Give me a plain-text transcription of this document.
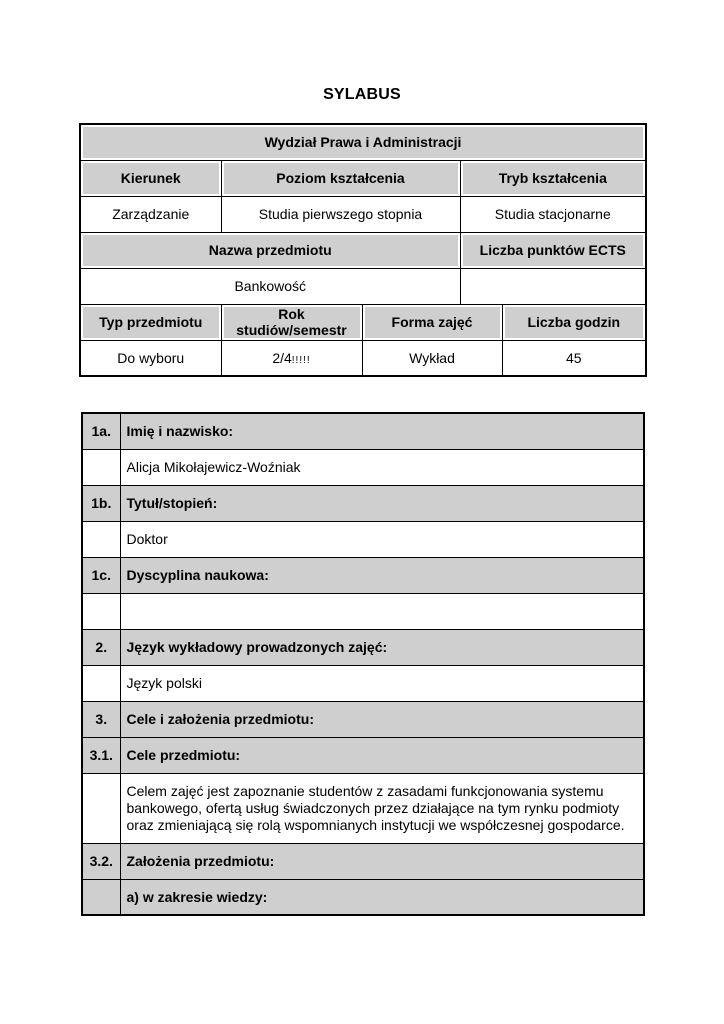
SYLABUS
Wydział Prawa i Administracji				
Kierunek	Poziom kształcenia		Tryb kształcenia	
Zarządzanie	Studia pierwszego stopnia		Studia stacjonarne	
Nazwa przedmiotu			Liczba punktów ECTS	
Bankowość				
Typ przedmiotu	Rok studiów/semestr	Forma zajęć		Liczba godzin
Do wyboru	2/4!!!!!	Wykład		45
1a.	Imię i nazwisko:
	Alicja Mikołajewicz-Woźniak
1b.	Tytuł/stopień:
	Doktor
1c.	Dyscyplina naukowa:

2.	Język wykładowy prowadzonych zajęć:
	Język polski
3.	Cele i założenia przedmiotu:
3.1.	Cele przedmiotu:
	Celem zajęć jest zapoznanie studentów z zasadami funkcjonowania systemu bankowego, ofertą usług świadczonych przez działające na tym rynku podmioty oraz zmieniającą się rolą wspomnianych instytucji we współczesnej gospodarce.
3.2.	Założenia przedmiotu:
	a) w zakresie wiedzy:
